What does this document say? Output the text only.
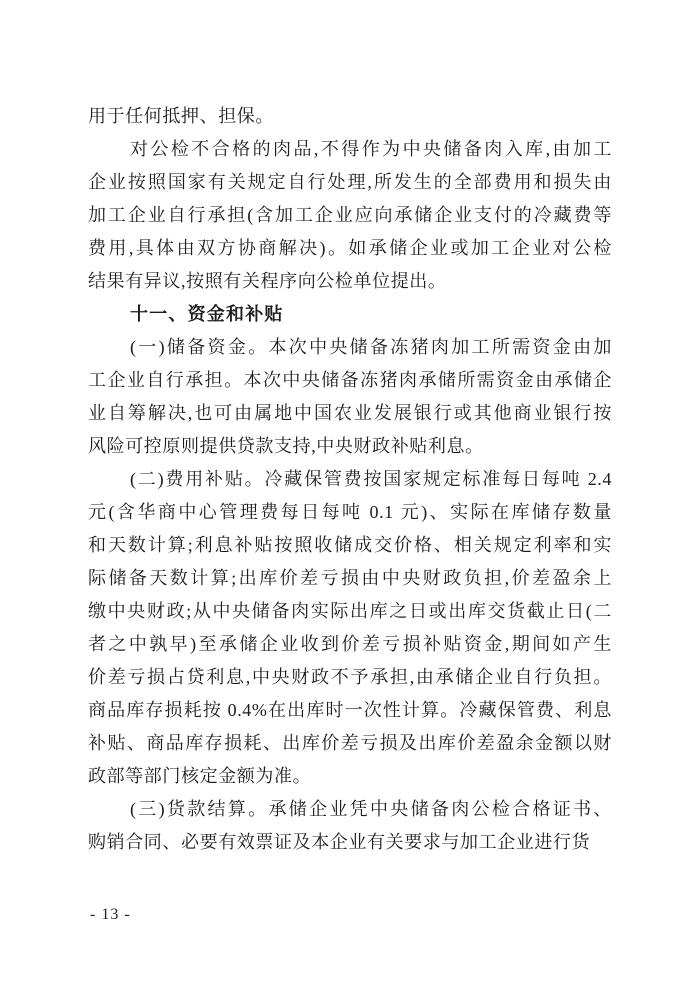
用于任何抵押、担保。
对公检不合格的肉品,不得作为中央储备肉入库,由加工
企业按照国家有关规定自行处理,所发生的全部费用和损失由
加工企业自行承担(含加工企业应向承储企业支付的冷藏费等
费用,具体由双方协商解决)。如承储企业或加工企业对公检
结果有异议,按照有关程序向公检单位提出。
十一、资金和补贴
(一)储备资金。本次中央储备冻猪肉加工所需资金由加
工企业自行承担。本次中央储备冻猪肉承储所需资金由承储企
业自筹解决,也可由属地中国农业发展银行或其他商业银行按
风险可控原则提供贷款支持,中央财政补贴利息。
(二)费用补贴。冷藏保管费按国家规定标准每日每吨 2.4
元(含华商中心管理费每日每吨 0.1 元)、实际在库储存数量
和天数计算;利息补贴按照收储成交价格、相关规定利率和实
际储备天数计算;出库价差亏损由中央财政负担,价差盈余上
缴中央财政;从中央储备肉实际出库之日或出库交货截止日(二
者之中孰早)至承储企业收到价差亏损补贴资金,期间如产生
价差亏损占贷利息,中央财政不予承担,由承储企业自行负担。
商品库存损耗按 0.4%在出库时一次性计算。冷藏保管费、利息
补贴、商品库存损耗、出库价差亏损及出库价差盈余金额以财
政部等部门核定金额为准。
(三)货款结算。承储企业凭中央储备肉公检合格证书、
购销合同、必要有效票证及本企业有关要求与加工企业进行货
- 13 -
